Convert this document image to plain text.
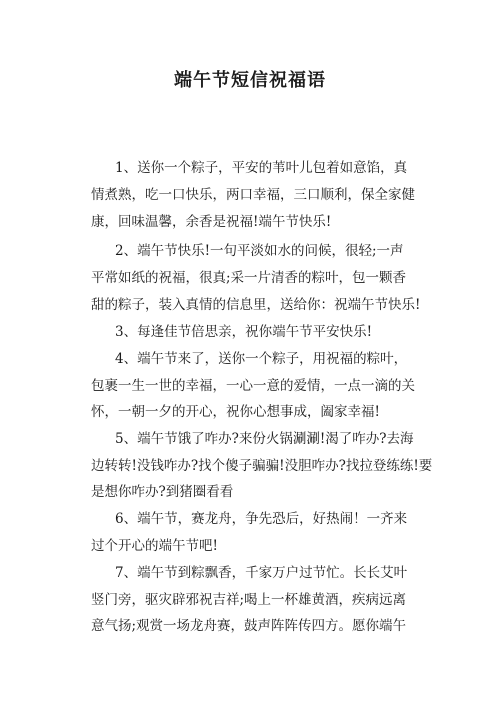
端午节短信祝福语
1、送你一个粽子，平安的苇叶儿包着如意馅，真
情煮熟，吃一口快乐，两口幸福，三口顺利，保全家健
康，回味温馨，余香是祝福!端午节快乐!
2、端午节快乐!一句平淡如水的问候，很轻;一声
平常如纸的祝福，很真;采一片清香的粽叶，包一颗香
甜的粽子，装入真情的信息里，送给你：祝端午节快乐!
3、每逢佳节倍思亲，祝你端午节平安快乐!
4、端午节来了，送你一个粽子，用祝福的粽叶，
包裹一生一世的幸福，一心一意的爱情，一点一滴的关
怀，一朝一夕的开心，祝你心想事成，阖家幸福!
5、端午节饿了咋办?来份火锅涮涮!渴了咋办?去海
边转转!没钱咋办?找个傻子骗骗!没胆咋办?找拉登练练!要
是想你咋办?到猪圈看看
6、端午节，赛龙舟，争先恐后，好热闹！一齐来
过个开心的端午节吧!
7、端午节到粽飘香，千家万户过节忙。长长艾叶
竖门旁，驱灾辟邪祝吉祥;喝上一杯雄黄酒，疾病远离
意气扬;观赏一场龙舟赛，鼓声阵阵传四方。愿你端午
